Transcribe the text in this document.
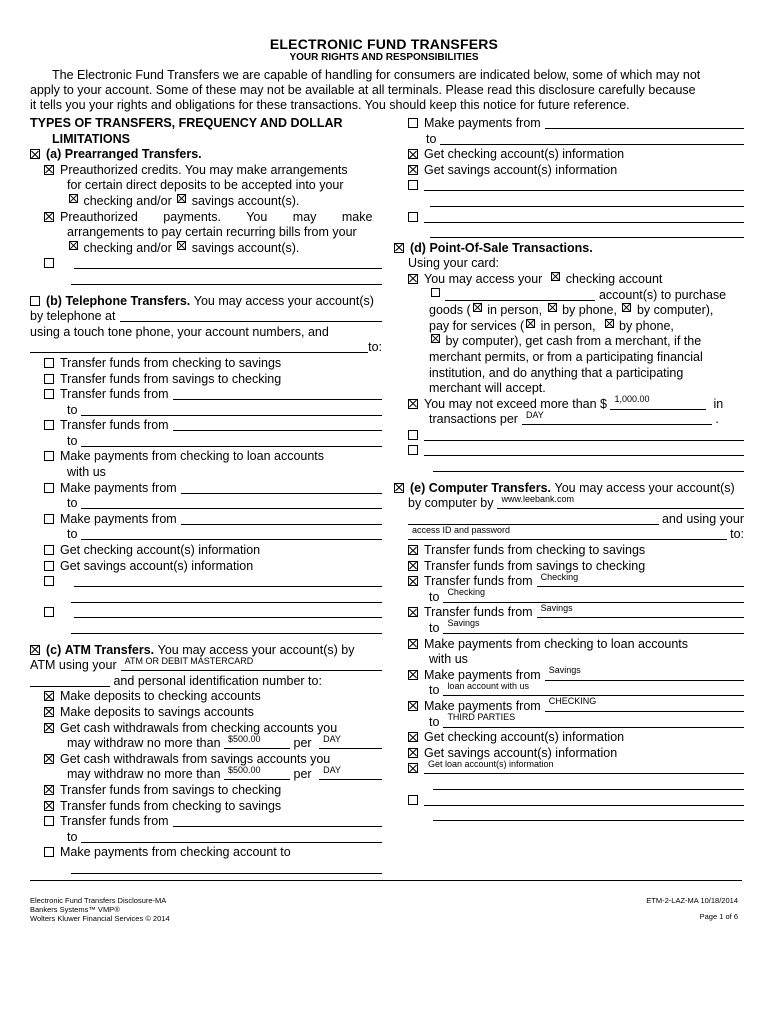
ELECTRONIC FUND TRANSFERS
YOUR RIGHTS AND RESPONSIBILITIES
The Electronic Fund Transfers we are capable of handling for consumers are indicated below, some of which may not
apply to your account. Some of these may not be available at all terminals. Please read this disclosure carefully because
it tells you your rights and obligations for these transactions. You should keep this notice for future reference.
TYPES OF TRANSFERS, FREQUENCY AND DOLLAR
LIMITATIONS
(a)
Prearranged Transfers.
Preauthorized credits. You may make arrangements
for certain direct deposits to be accepted into your

checking and/or

savings account(s).
Preauthorized payments. You may make
arrangements to pay certain recurring bills from your

checking and/or

savings account(s).
(b)
Telephone Transfers.
You may access your account(s)
by telephone at
using a touch tone phone, your account numbers, and
to:
Transfer funds from checking to savings
Transfer funds from savings to checking
Transfer funds from
to
Transfer funds from
to
Make payments from checking to loan accounts
with us
Make payments from
to
Make payments from
to
Get checking account(s) information
Get savings account(s) information
(c)
ATM Transfers.
You may access your account(s) by
ATM using your ATM OR DEBIT MASTERCARD

and personal identification number to:
Make deposits to checking accounts
Make deposits to savings accounts
Get cash withdrawals from checking accounts you
may withdraw no more than
$500.00
	per
DAY
Get cash withdrawals from savings accounts you
may withdraw no more than
$500.00
	per
DAY
Transfer funds from savings to checking
Transfer funds from checking to savings
Transfer funds from
to
Make payments from checking account to
Make payments from
to
Get checking account(s) information
Get savings account(s) information
(d)
Point-Of-Sale Transactions.
Using your card:
You may access your

checking account

account(s) to purchase
goods (
in person,

by phone,

by computer),
pay for services (
in person,

by phone,

by computer), get cash from a merchant, if the
merchant permits, or from a participating financial
institution, and do anything that a participating
merchant will accept.
You may not exceed more than $
1,000.00
	in
transactions per DAY	.
(e)
Computer Transfers.
You may access your account(s)
by computer by www.leebank.com

and using your
access ID and password
	to:
Transfer funds from checking to savings
Transfer funds from savings to checking
Transfer funds from Checking
to Checking
Transfer funds from Savings
to Savings
Make payments from checking to loan accounts
with us
Make payments from Savings
to loan account with us
Make payments from CHECKING
to THIRD PARTIES
Get checking account(s) information
Get savings account(s) information
Get loan account(s) information
Electronic Fund Transfers Disclosure-MA
Bankers Systems™ VMP®
Wolters Kluwer Financial Services © 2014
ETM-2-LAZ-MA 10/18/2014
Page 1 of 6
